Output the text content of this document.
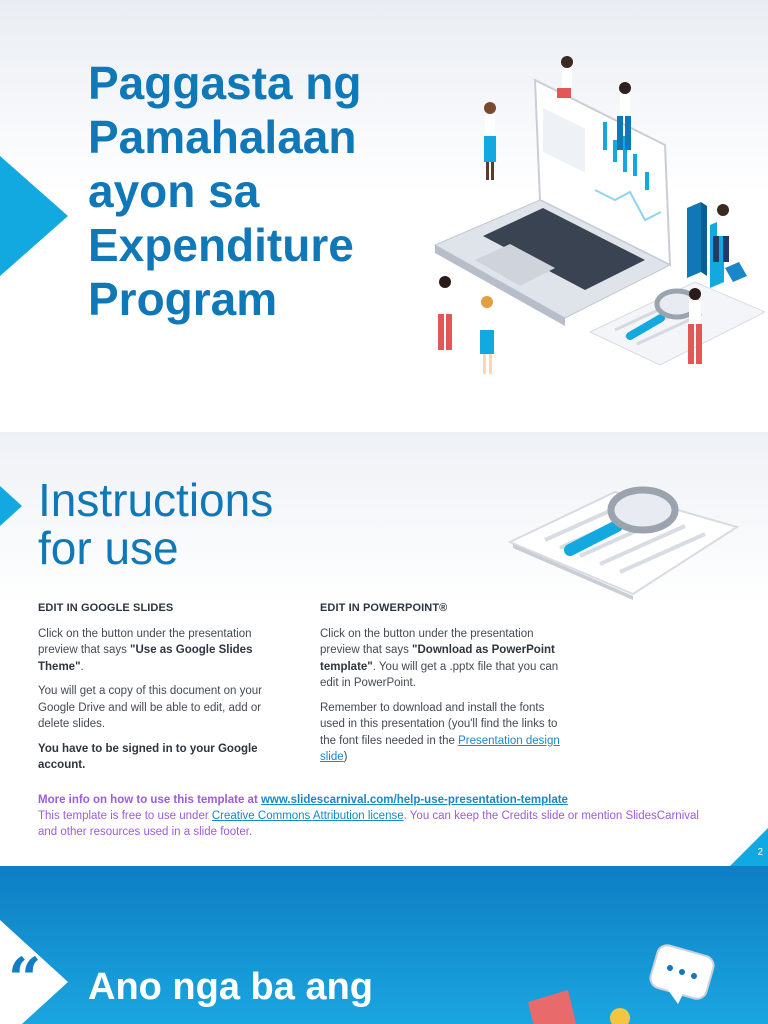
Paggasta ng
Pamahalaan
ayon sa
Expenditure
Program
Instructions
for use
EDIT IN GOOGLE SLIDES

Click on the button under the presentation preview that says "Use as Google Slides Theme".

You will get a copy of this document on your Google Drive and will be able to edit, add or delete slides.

You have to be signed in to your Google account.

EDIT IN POWERPOINT®

Click on the button under the presentation preview that says "Download as PowerPoint template". You will get a .pptx file that you can edit in PowerPoint.

Remember to download and install the fonts used in this presentation (you'll find the links to the font files needed in the Presentation design slide)

More info on how to use this template at www.slidescarnival.com/help-use-presentation-template

This template is free to use under Creative Commons Attribution license. You can keep the Credits slide or mention SlidesCarnival and other resources used in a slide footer.

2
“ Ano nga ba ang
